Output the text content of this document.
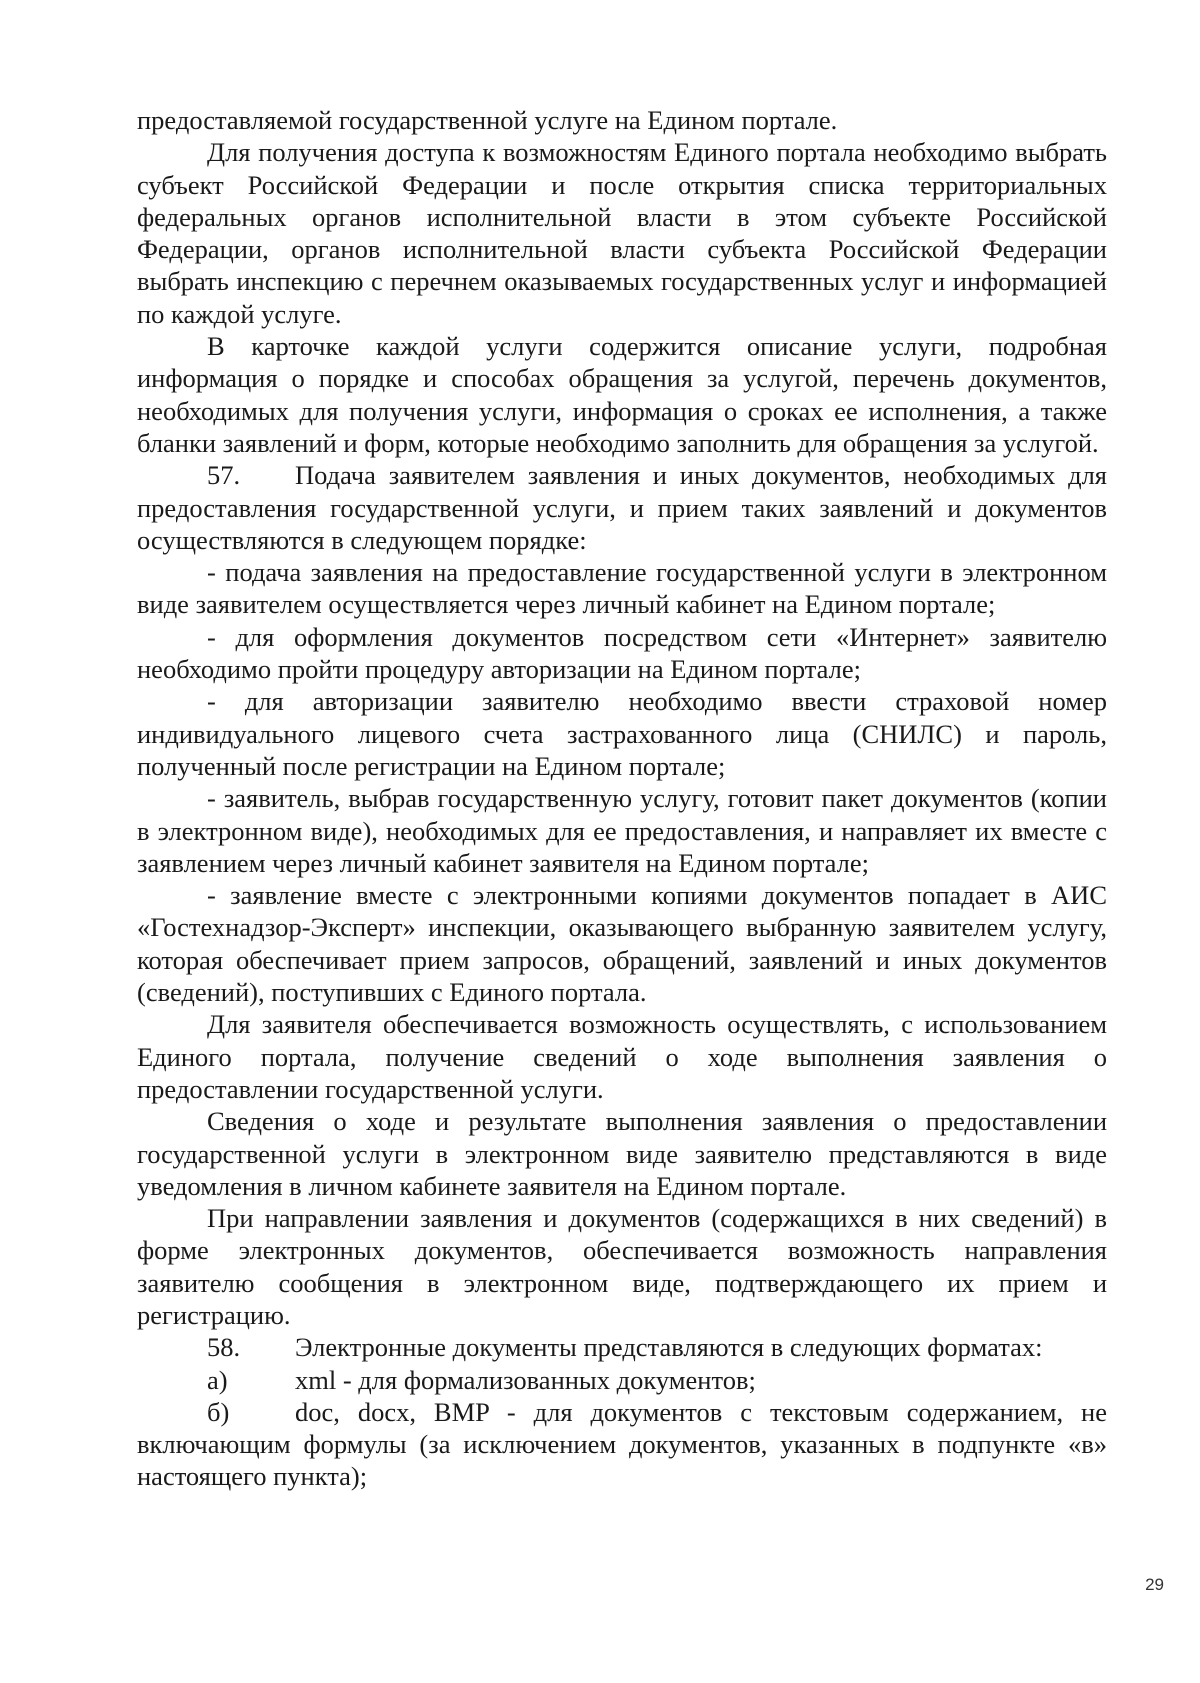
предоставляемой государственной услуге на Едином портале.

Для получения доступа к возможностям Единого портала необходимо выбрать субъект Российской Федерации и после открытия списка территориальных федеральных органов исполнительной власти в этом субъекте Российской Федерации, органов исполнительной власти субъекта Российской Федерации выбрать инспекцию с перечнем оказываемых государственных услуг и информацией по каждой услуге.

В карточке каждой услуги содержится описание услуги, подробная информация о порядке и способах обращения за услугой, перечень документов, необходимых для получения услуги, информация о сроках ее исполнения, а также бланки заявлений и форм, которые необходимо заполнить для обращения за услугой.

57. Подача заявителем заявления и иных документов, необходимых для предоставления государственной услуги, и прием таких заявлений и документов осуществляются в следующем порядке:

- подача заявления на предоставление государственной услуги в электронном виде заявителем осуществляется через личный кабинет на Едином портале;

- для оформления документов посредством сети «Интернет» заявителю необходимо пройти процедуру авторизации на Едином портале;

- для авторизации заявителю необходимо ввести страховой номер индивидуального лицевого счета застрахованного лица (СНИЛС) и пароль, полученный после регистрации на Едином портале;

- заявитель, выбрав государственную услугу, готовит пакет документов (копии в электронном виде), необходимых для ее предоставления, и направляет их вместе с заявлением через личный кабинет заявителя на Едином портале;

- заявление вместе с электронными копиями документов попадает в АИС «Гостехнадзор-Эксперт» инспекции, оказывающего выбранную заявителем услугу, которая обеспечивает прием запросов, обращений, заявлений и иных документов (сведений), поступивших с Единого портала.

Для заявителя обеспечивается возможность осуществлять, с использованием Единого портала, получение сведений о ходе выполнения заявления о предоставлении государственной услуги.

Сведения о ходе и результате выполнения заявления о предоставлении государственной услуги в электронном виде заявителю представляются в виде уведомления в личном кабинете заявителя на Едином портале.

При направлении заявления и документов (содержащихся в них сведений) в форме электронных документов, обеспечивается возможность направления заявителю сообщения в электронном виде, подтверждающего их прием и регистрацию.

58. Электронные документы представляются в следующих форматах:

а)	xml - для формализованных документов;

б) doc, docx, BMP - для документов с текстовым содержанием, не включающим формулы (за исключением документов, указанных в подпункте «в» настоящего пункта);

29
